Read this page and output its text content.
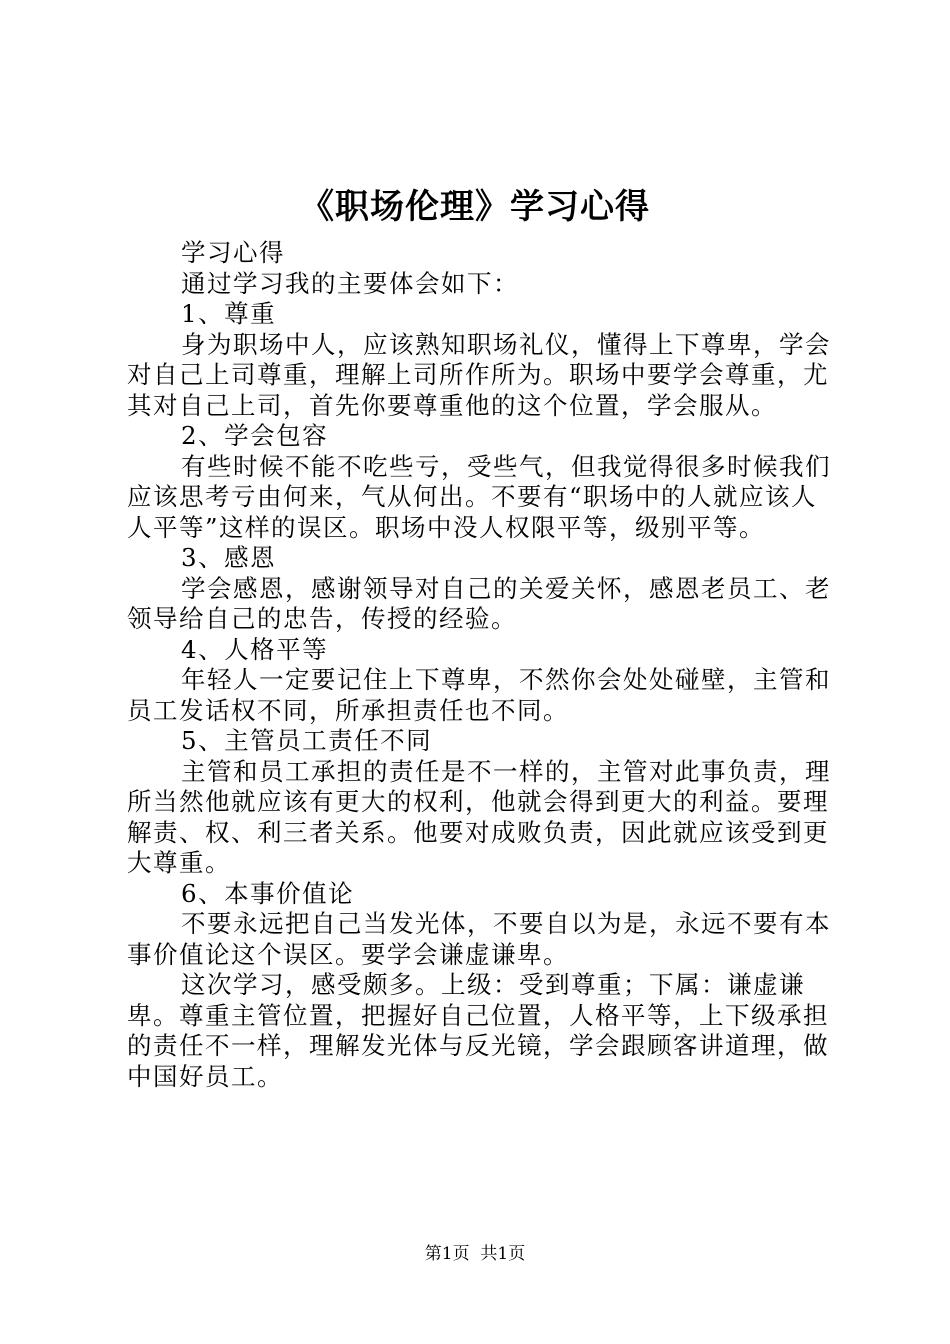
《职场伦理》学习心得

学习心得

通过学习我的主要体会如下：

1、尊重

身为职场中人，应该熟知职场礼仪，懂得上下尊卑，学会对自己上司尊重，理解上司所作所为。职场中要学会尊重，尤其对自己上司，首先你要尊重他的这个位置，学会服从。

2、学会包容

有些时候不能不吃些亏，受些气，但我觉得很多时候我们应该思考亏由何来，气从何出。不要有“职场中的人就应该人人平等”这样的误区。职场中没人权限平等，级别平等。

3、感恩

学会感恩，感谢领导对自己的关爱关怀，感恩老员工、老领导给自己的忠告，传授的经验。

4、人格平等

年轻人一定要记住上下尊卑，不然你会处处碰壁，主管和员工发话权不同，所承担责任也不同。

5、主管员工责任不同

主管和员工承担的责任是不一样的，主管对此事负责，理所当然他就应该有更大的权利，他就会得到更大的利益。要理解责、权、利三者关系。他要对成败负责，因此就应该受到更大尊重。

6、本事价值论

不要永远把自己当发光体，不要自以为是，永远不要有本事价值论这个误区。要学会谦虚谦卑。

这次学习，感受颇多。上级：受到尊重；下属：谦虚谦卑。尊重主管位置，把握好自己位置，人格平等，上下级承担的责任不一样，理解发光体与反光镜，学会跟顾客讲道理，做中国好员工。

第1页  共1页
